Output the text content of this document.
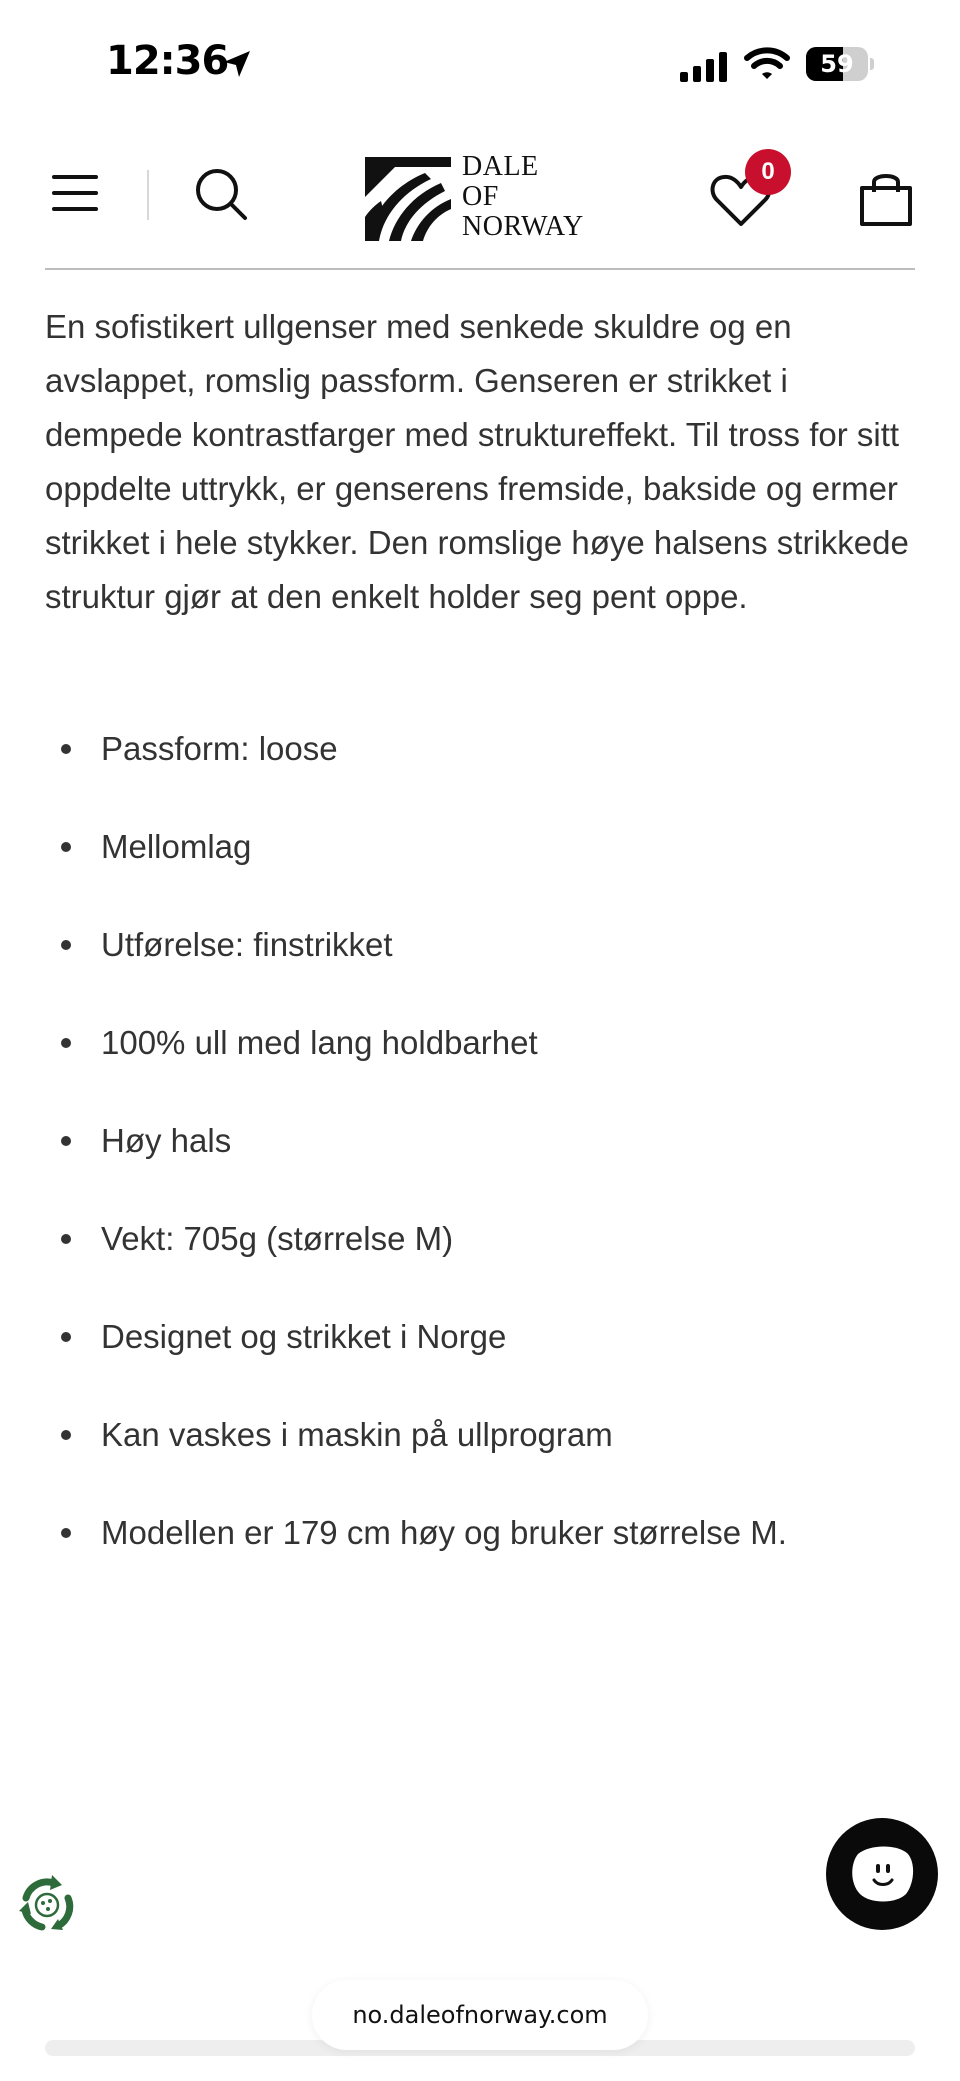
12:36	59
DALE
OF
NORWAY
0

En sofistikert ullgenser med senkede skuldre og en avslappet, romslig passform. Genseren er strikket i dempede kontrastfarger med struktureffekt. Til tross for sitt oppdelte uttrykk, er genserens fremside, bakside og ermer strikket i hele stykker. Den romslige høye halsens strikkede struktur gjør at den enkelt holder seg pent oppe.

Passform: loose
Mellomlag
Utførelse: finstrikket
100% ull med lang holdbarhet
Høy hals
Vekt: 705g (størrelse M)
Designet og strikket i Norge
Kan vaskes i maskin på ullprogram
Modellen er 179 cm høy og bruker størrelse M.
no.daleofnorway.com
